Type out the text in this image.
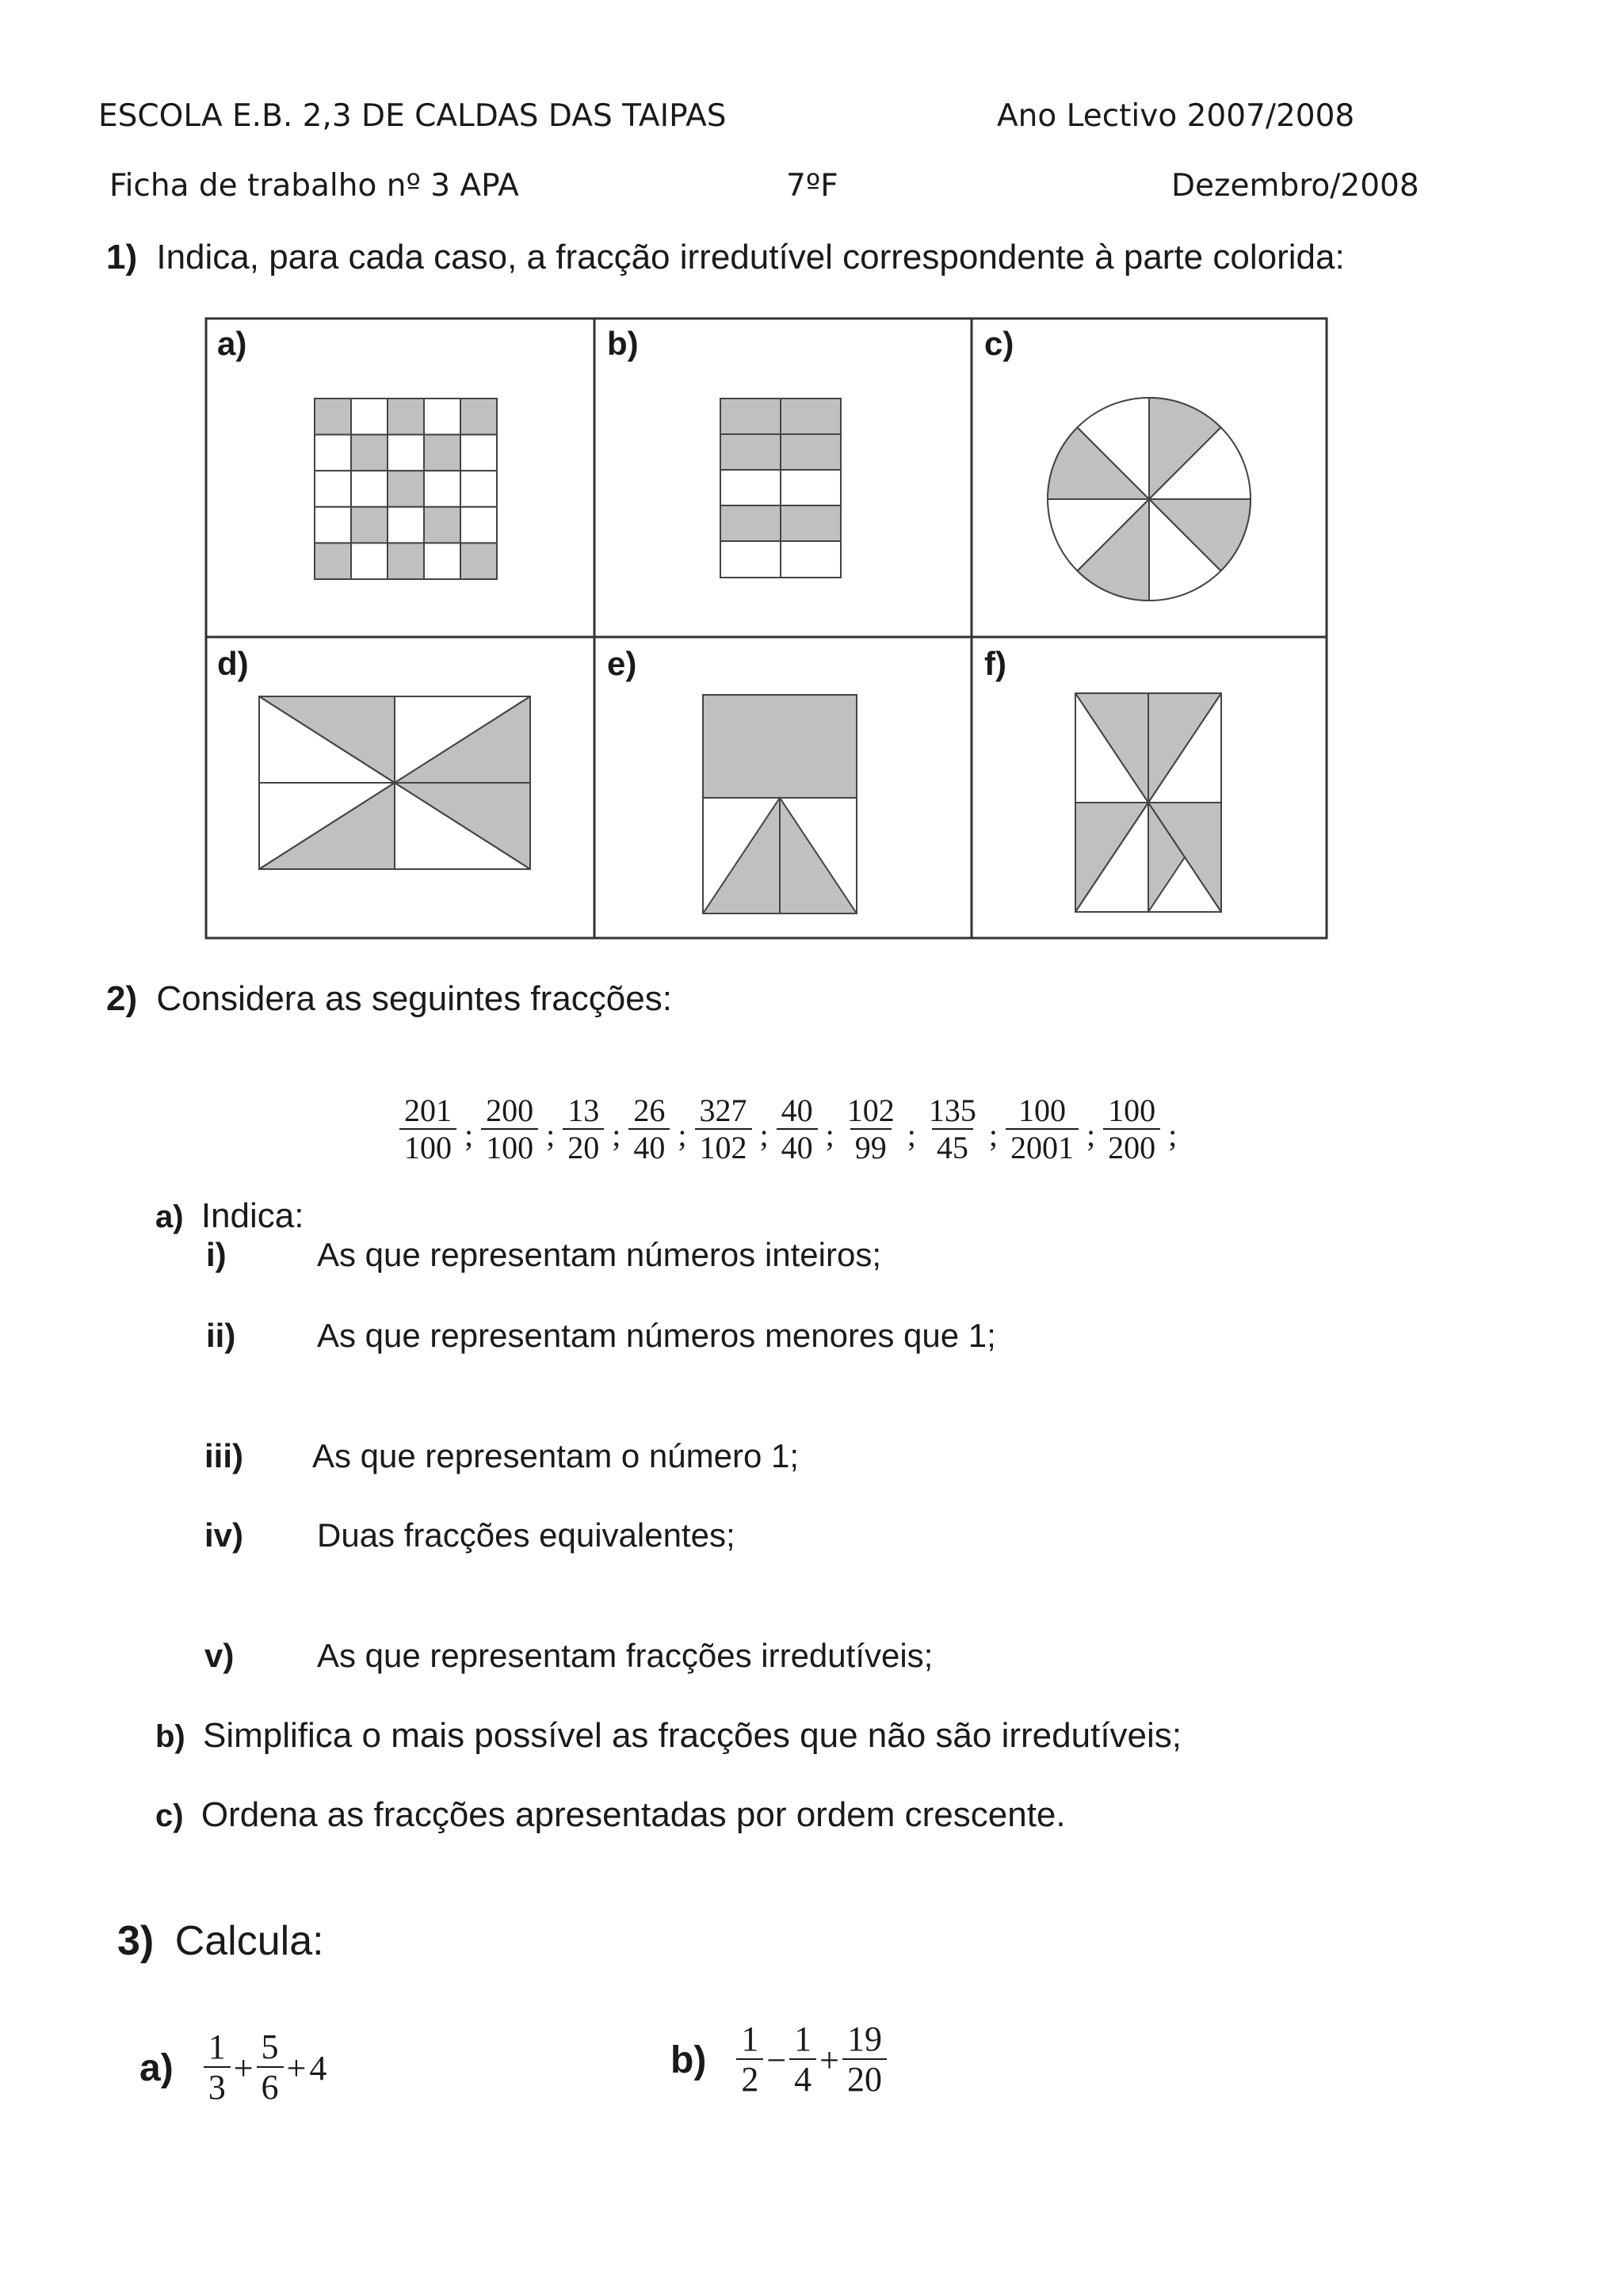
ESCOLA E.B. 2,3 DE CALDAS DAS TAIPAS	Ano Lectivo 2007/2008
Ficha de trabalho nº 3 APA	7ºF	Dezembro/2008
1) Indica, para cada caso, a fracção irredutível correspondente à parte colorida:
a)	b)	c)
d)	e)	f)
2) Considera as seguintes fracções:
$\frac{201}{100}$ ; $\frac{200}{100}$ ; $\frac{13}{20}$ ; $\frac{26}{40}$ ; $\frac{327}{102}$ ; $\frac{40}{40}$ ; $\frac{102}{99}$ ; $\frac{135}{45}$ ; $\frac{100}{2001}$ ; $\frac{100}{200}$ ;
a) Indica:
i)	As que representam números inteiros;
ii) As que representam números menores que 1;
iii) As que representam o número 1;
iv) Duas fracções equivalentes;
v) As que representam fracções irredutíveis;
b) Simplifica o mais possível as fracções que não são irredutíveis;
c) Ordena as fracções apresentadas por ordem crescente.
3) Calcula:
$a) \frac{1}{3} + \frac{5}{6} + 4$	$b) \frac{1}{2} - \frac{1}{4} + \frac{19}{20}$
